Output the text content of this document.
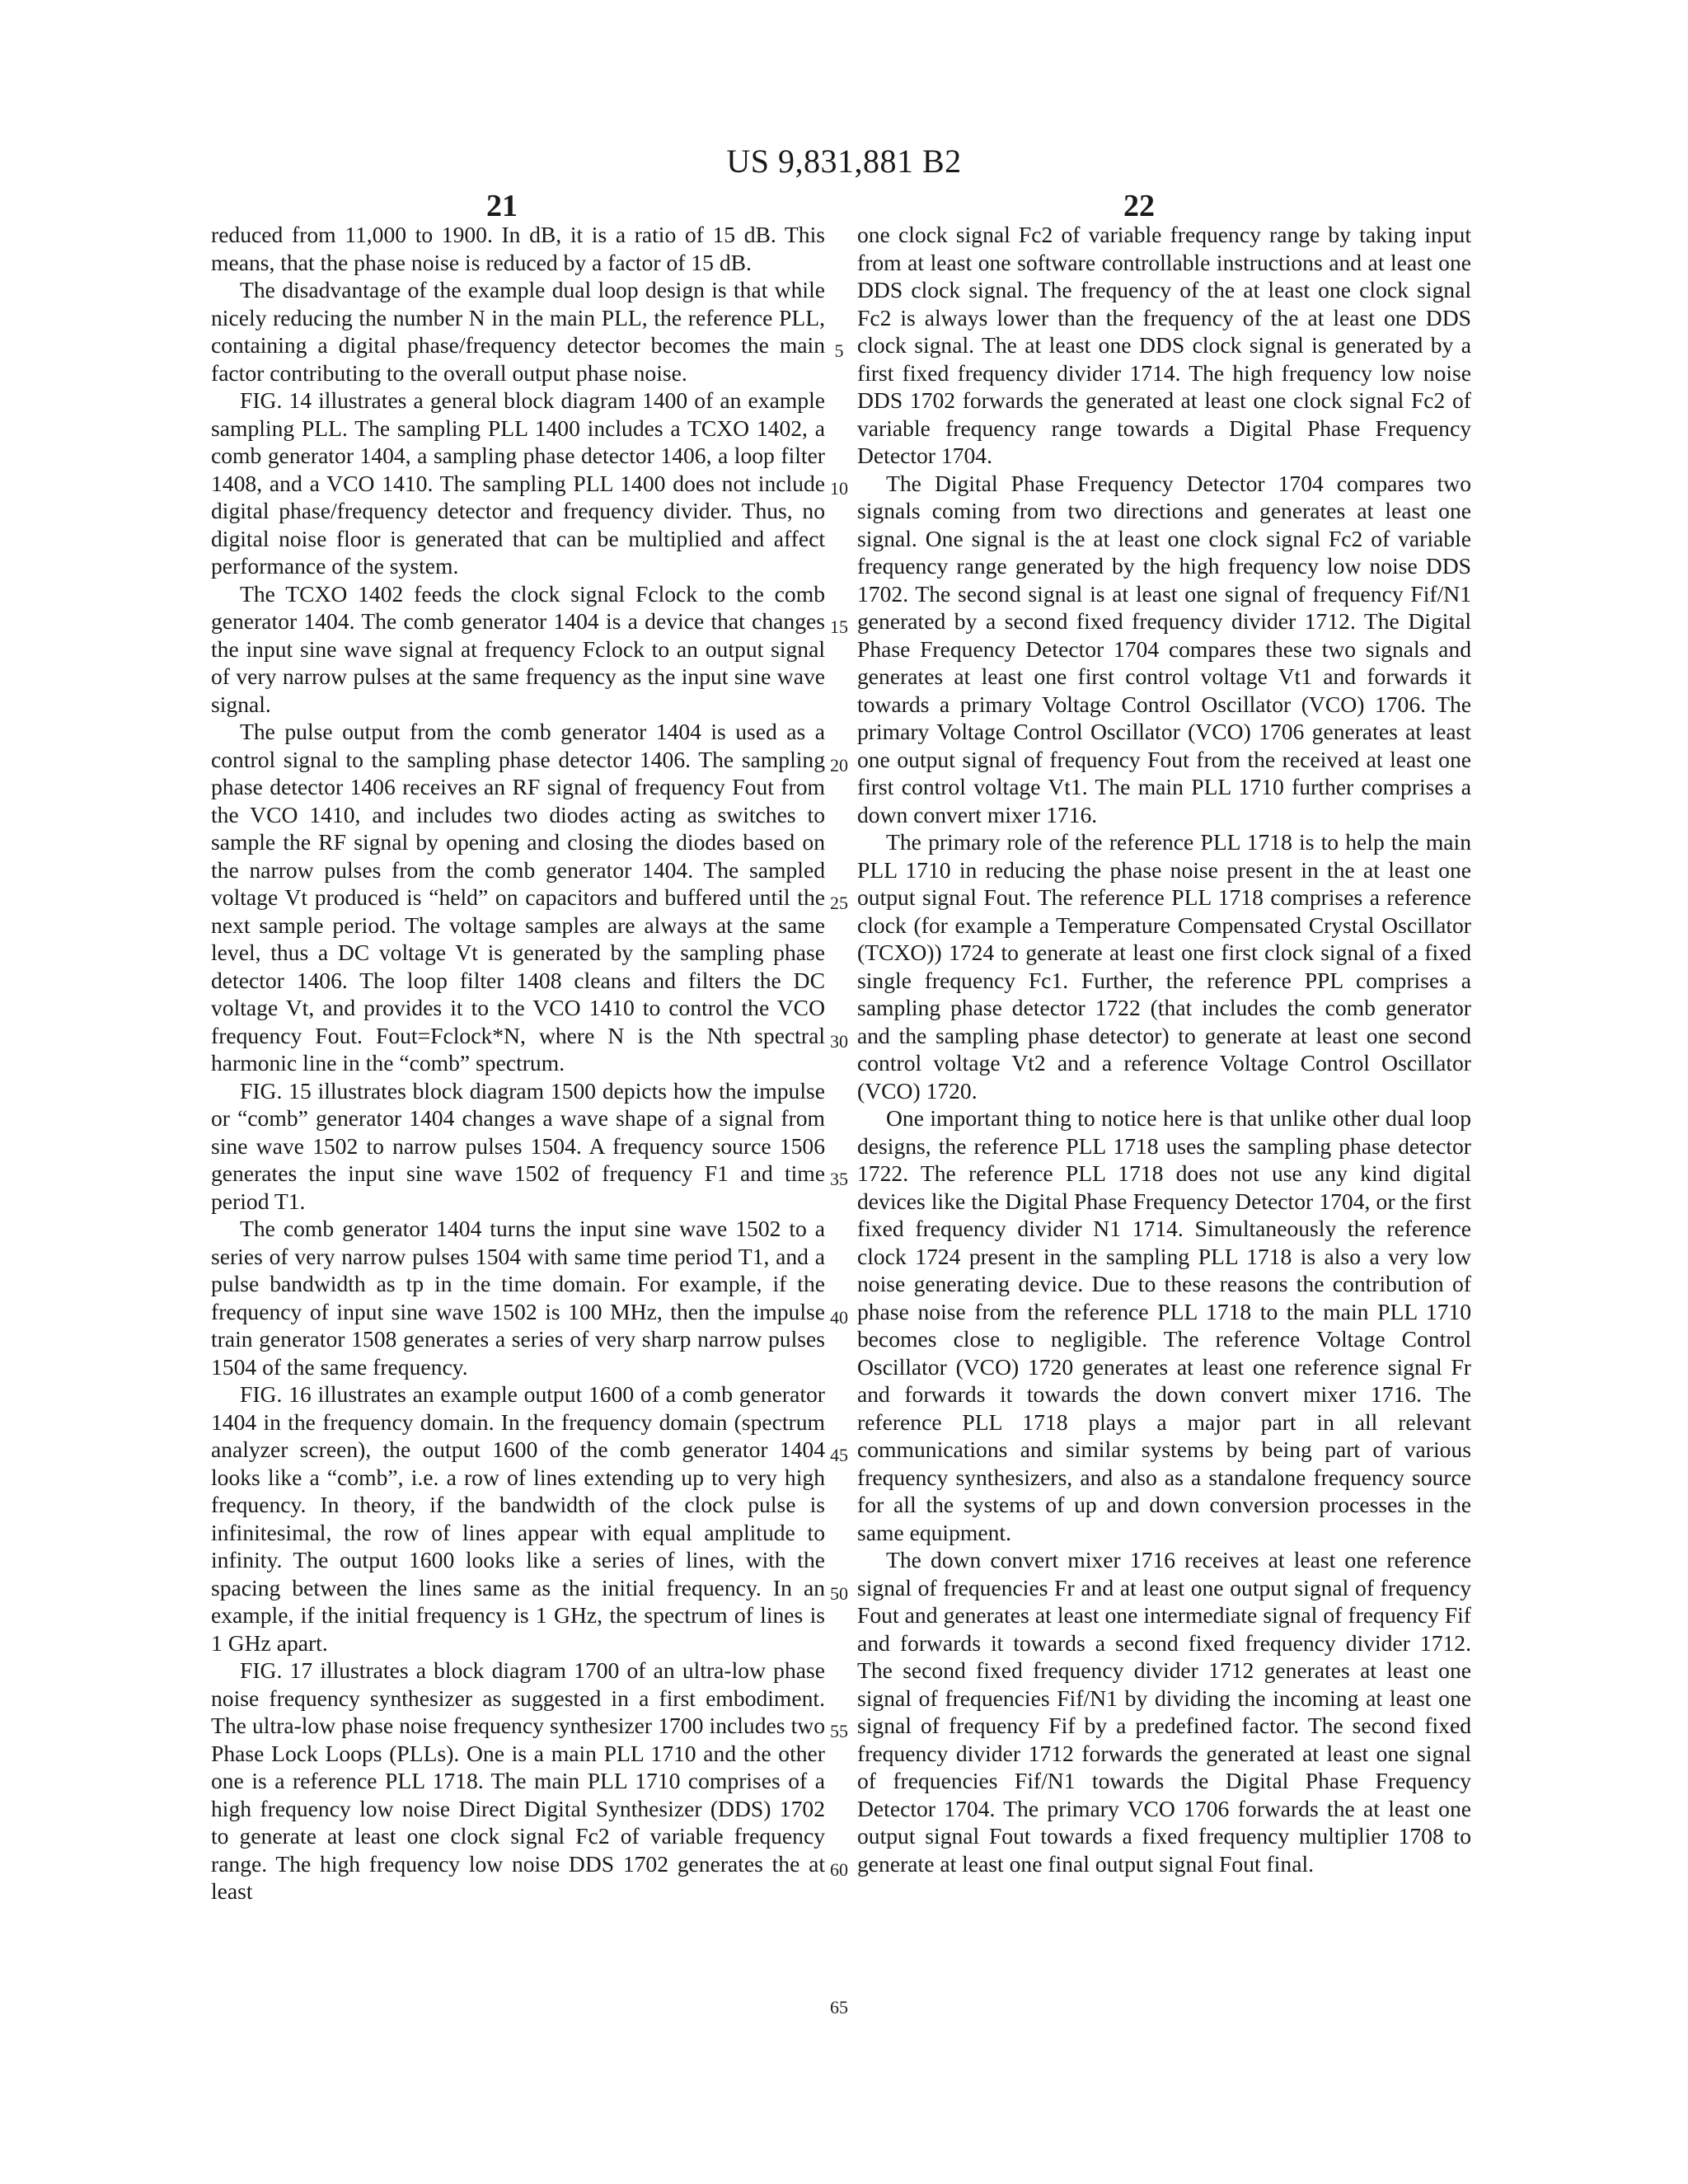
US 9,831,881 B2
21	22

reduced from 11,000 to 1900. In dB, it is a ratio of 15 dB. This means, that the phase noise is reduced by a factor of 15 dB.

The disadvantage of the example dual loop design is that while nicely reducing the number N in the main PLL, the reference PLL, containing a digital phase/frequency detector becomes the main factor contributing to the overall output phase noise.

FIG. 14 illustrates a general block diagram 1400 of an example sampling PLL. The sampling PLL 1400 includes a TCXO 1402, a comb generator 1404, a sampling phase detector 1406, a loop filter 1408, and a VCO 1410. The sampling PLL 1400 does not include digital phase/frequency detector and frequency divider. Thus, no digital noise floor is generated that can be multiplied and affect performance of the system.

The TCXO 1402 feeds the clock signal Fclock to the comb generator 1404. The comb generator 1404 is a device that changes the input sine wave signal at frequency Fclock to an output signal of very narrow pulses at the same frequency as the input sine wave signal.

The pulse output from the comb generator 1404 is used as a control signal to the sampling phase detector 1406. The sampling phase detector 1406 receives an RF signal of frequency Fout from the VCO 1410, and includes two diodes acting as switches to sample the RF signal by opening and closing the diodes based on the narrow pulses from the comb generator 1404. The sampled voltage Vt produced is “held” on capacitors and buffered until the next sample period. The voltage samples are always at the same level, thus a DC voltage Vt is generated by the sampling phase detector 1406. The loop filter 1408 cleans and filters the DC voltage Vt, and provides it to the VCO 1410 to control the VCO frequency Fout. Fout=Fclock*N, where N is the Nth spectral harmonic line in the “comb” spectrum.

FIG. 15 illustrates block diagram 1500 depicts how the impulse or “comb” generator 1404 changes a wave shape of a signal from sine wave 1502 to narrow pulses 1504. A frequency source 1506 generates the input sine wave 1502 of frequency F1 and time period T1.

The comb generator 1404 turns the input sine wave 1502 to a series of very narrow pulses 1504 with same time period T1, and a pulse bandwidth as tp in the time domain. For example, if the frequency of input sine wave 1502 is 100 MHz, then the impulse train generator 1508 generates a series of very sharp narrow pulses 1504 of the same frequency.

FIG. 16 illustrates an example output 1600 of a comb generator 1404 in the frequency domain. In the frequency domain (spectrum analyzer screen), the output 1600 of the comb generator 1404 looks like a “comb”, i.e. a row of lines extending up to very high frequency. In theory, if the bandwidth of the clock pulse is infinitesimal, the row of lines appear with equal amplitude to infinity. The output 1600 looks like a series of lines, with the spacing between the lines same as the initial frequency. In an example, if the initial frequency is 1 GHz, the spectrum of lines is 1 GHz apart.

FIG. 17 illustrates a block diagram 1700 of an ultra-low phase noise frequency synthesizer as suggested in a first embodiment. The ultra-low phase noise frequency synthesizer 1700 includes two Phase Lock Loops (PLLs). One is a main PLL 1710 and the other one is a reference PLL 1718. The main PLL 1710 comprises of a high frequency low noise Direct Digital Synthesizer (DDS) 1702 to generate at least one clock signal Fc2 of variable frequency range. The high frequency low noise DDS 1702 generates the at least

5
10
15
20
25
30
35
40
45
50
55
60
65

one clock signal Fc2 of variable frequency range by taking input from at least one software controllable instructions and at least one DDS clock signal. The frequency of the at least one clock signal Fc2 is always lower than the frequency of the at least one DDS clock signal. The at least one DDS clock signal is generated by a first fixed frequency divider 1714. The high frequency low noise DDS 1702 forwards the generated at least one clock signal Fc2 of variable frequency range towards a Digital Phase Frequency Detector 1704.

The Digital Phase Frequency Detector 1704 compares two signals coming from two directions and generates at least one signal. One signal is the at least one clock signal Fc2 of variable frequency range generated by the high frequency low noise DDS 1702. The second signal is at least one signal of frequency Fif/N1 generated by a second fixed frequency divider 1712. The Digital Phase Frequency Detector 1704 compares these two signals and generates at least one first control voltage Vt1 and forwards it towards a primary Voltage Control Oscillator (VCO) 1706. The primary Voltage Control Oscillator (VCO) 1706 generates at least one output signal of frequency Fout from the received at least one first control voltage Vt1. The main PLL 1710 further comprises a down convert mixer 1716.

The primary role of the reference PLL 1718 is to help the main PLL 1710 in reducing the phase noise present in the at least one output signal Fout. The reference PLL 1718 comprises a reference clock (for example a Temperature Compensated Crystal Oscillator (TCXO)) 1724 to generate at least one first clock signal of a fixed single frequency Fc1. Further, the reference PPL comprises a sampling phase detector 1722 (that includes the comb generator and the sampling phase detector) to generate at least one second control voltage Vt2 and a reference Voltage Control Oscillator (VCO) 1720.

One important thing to notice here is that unlike other dual loop designs, the reference PLL 1718 uses the sampling phase detector 1722. The reference PLL 1718 does not use any kind digital devices like the Digital Phase Frequency Detector 1704, or the first fixed frequency divider N1 1714. Simultaneously the reference clock 1724 present in the sampling PLL 1718 is also a very low noise generating device. Due to these reasons the contribution of phase noise from the reference PLL 1718 to the main PLL 1710 becomes close to negligible. The reference Voltage Control Oscillator (VCO) 1720 generates at least one reference signal Fr and forwards it towards the down convert mixer 1716. The reference PLL 1718 plays a major part in all relevant communications and similar systems by being part of various frequency synthesizers, and also as a standalone frequency source for all the systems of up and down conversion processes in the same equipment.

The down convert mixer 1716 receives at least one reference signal of frequencies Fr and at least one output signal of frequency Fout and generates at least one intermediate signal of frequency Fif and forwards it towards a second fixed frequency divider 1712. The second fixed frequency divider 1712 generates at least one signal of frequencies Fif/N1 by dividing the incoming at least one signal of frequency Fif by a predefined factor. The second fixed frequency divider 1712 forwards the generated at least one signal of frequencies Fif/N1 towards the Digital Phase Frequency Detector 1704. The primary VCO 1706 forwards the at least one output signal Fout towards a fixed frequency multiplier 1708 to generate at least one final output signal Fout final.
